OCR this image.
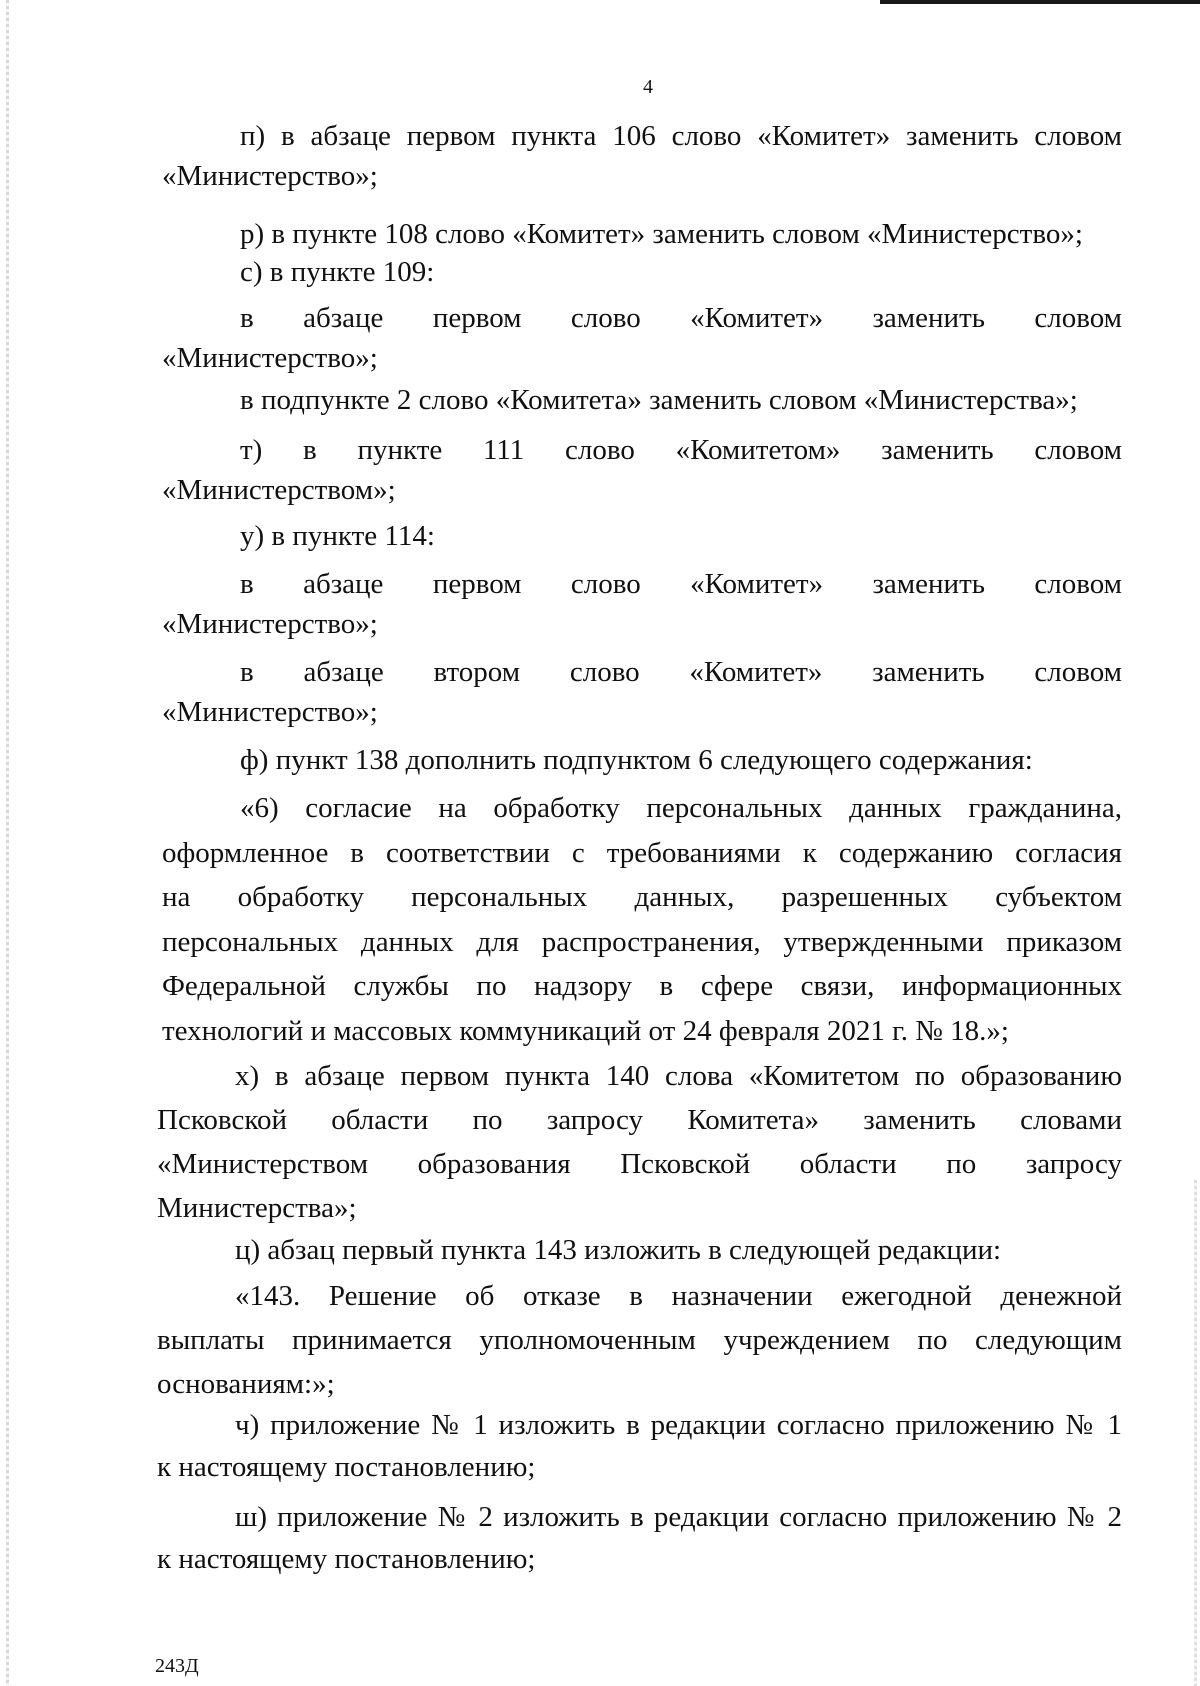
4
п) в абзаце первом пункта 106 слово «Комитет» заменить словом
«Министерство»;
р) в пункте 108 слово «Комитет» заменить словом «Министерство»;
с) в пункте 109:
в абзаце первом слово «Комитет» заменить словом
«Министерство»;
в подпункте 2 слово «Комитета» заменить словом «Министерства»;
т) в пункте 111 слово «Комитетом» заменить словом
«Министерством»;
у) в пункте 114:
в абзаце первом слово «Комитет» заменить словом
«Министерство»;
в абзаце втором слово «Комитет» заменить словом
«Министерство»;
ф) пункт 138 дополнить подпунктом 6 следующего содержания:
«6) согласие на обработку персональных данных гражданина,
оформленное в соответствии с требованиями к содержанию согласия
на обработку персональных данных, разрешенных субъектом
персональных данных для распространения, утвержденными приказом
Федеральной службы по надзору в сфере связи, информационных
технологий и массовых коммуникаций от 24 февраля 2021 г. № 18.»;
х) в абзаце первом пункта 140 слова «Комитетом по образованию
Псковской области по запросу Комитета» заменить словами
«Министерством образования Псковской области по запросу
Министерства»;
ц) абзац первый пункта 143 изложить в следующей редакции:
«143. Решение об отказе в назначении ежегодной денежной
выплаты принимается уполномоченным учреждением по следующим
основаниям:»;
ч) приложение № 1 изложить в редакции согласно приложению № 1
к настоящему постановлению;
ш) приложение № 2 изложить в редакции согласно приложению № 2
к настоящему постановлению;
243Д
